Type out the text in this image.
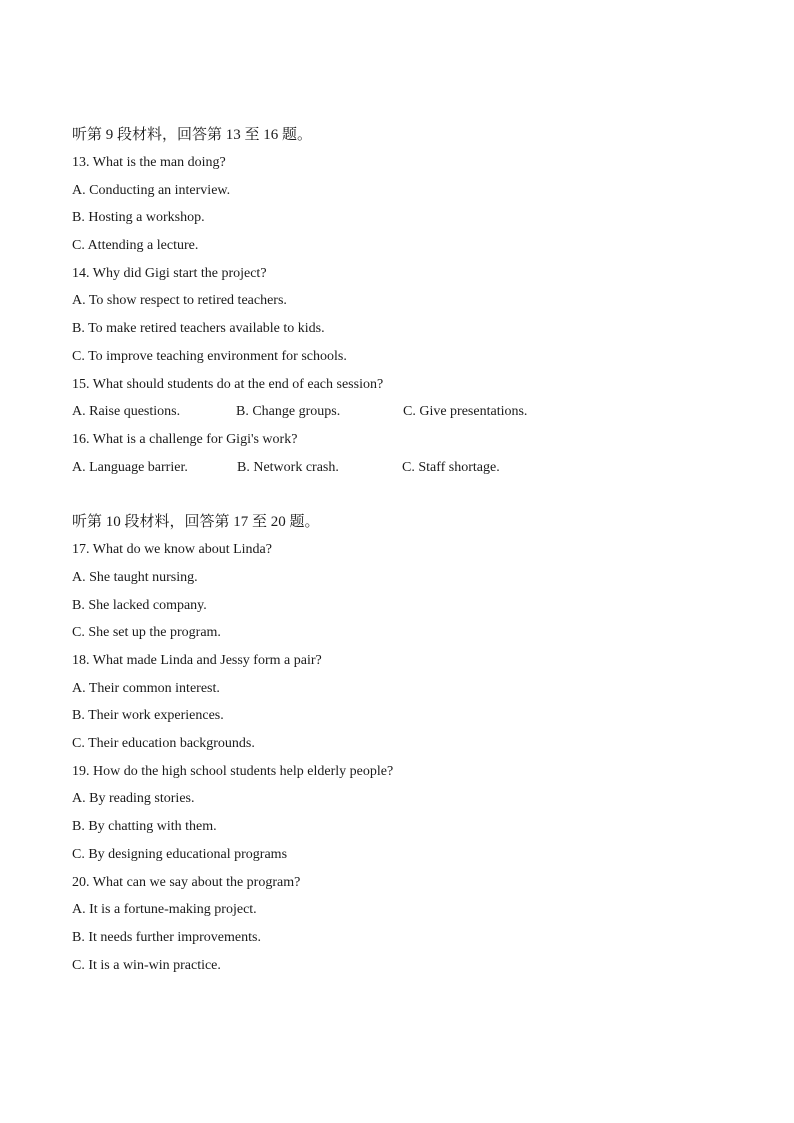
听第 9 段材料，回答第 13 至 16 题。
13. What is the man doing?
A. Conducting an interview.
B. Hosting a workshop.
C. Attending a lecture.
14. Why did Gigi start the project?
A. To show respect to retired teachers.
B. To make retired teachers available to kids.
C. To improve teaching environment for schools.
15. What should students do at the end of each session?
A. Raise questions.	B. Change groups.	C. Give presentations.
16. What is a challenge for Gigi's work?
A. Language barrier.	B. Network crash.	C. Staff shortage.
听第 10 段材料，回答第 17 至 20 题。
17. What do we know about Linda?
A. She taught nursing.
B. She lacked company.
C. She set up the program.
18. What made Linda and Jessy form a pair?
A. Their common interest.
B. Their work experiences.
C. Their education backgrounds.
19. How do the high school students help elderly people?
A. By reading stories.
B. By chatting with them.
C. By designing educational programs
20. What can we say about the program?
A. It is a fortune-making project.
B. It needs further improvements.
C. It is a win-win practice.
